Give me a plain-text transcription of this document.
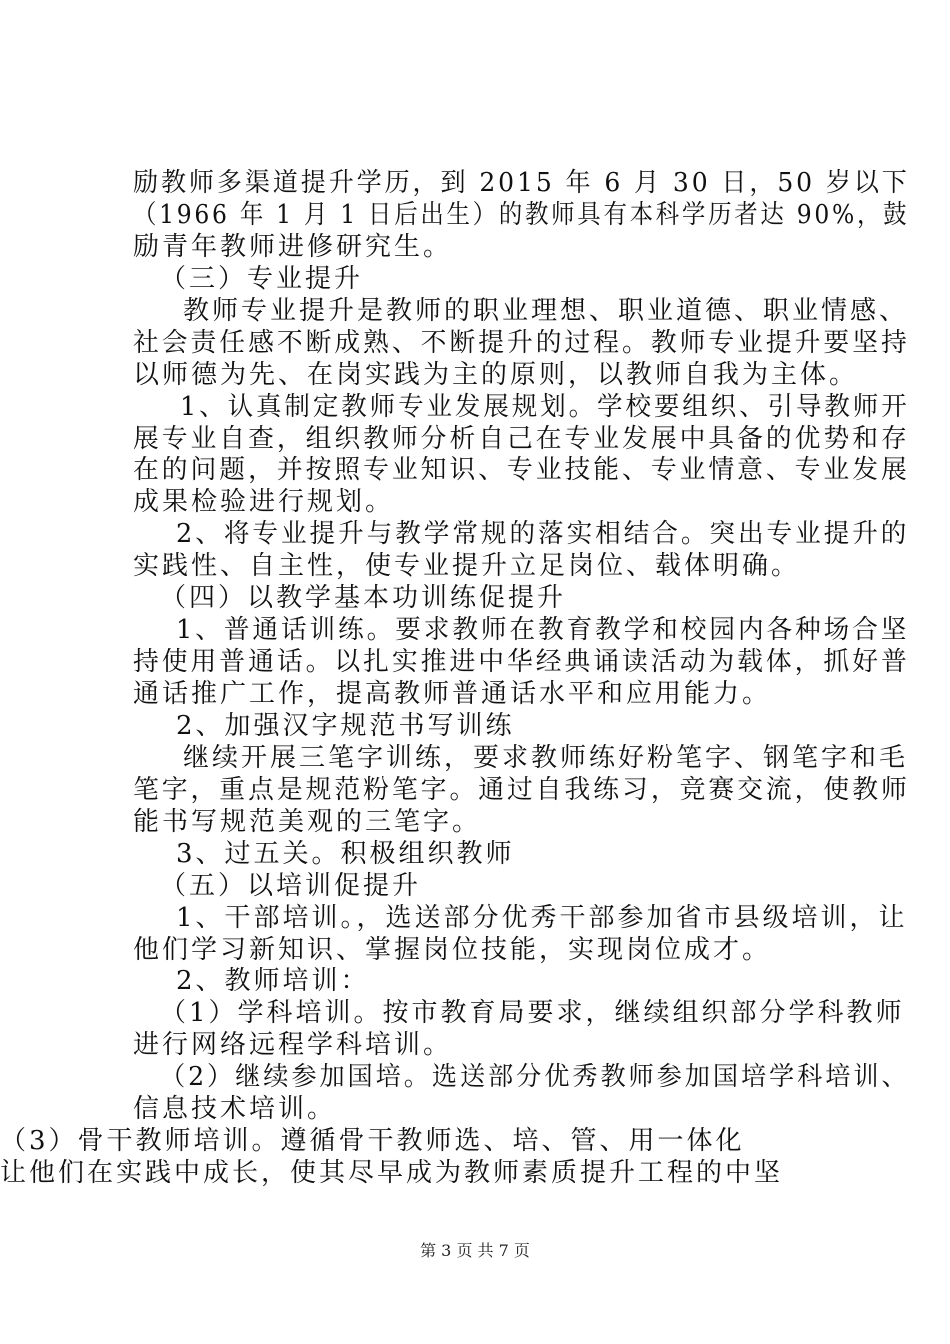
励教师多渠道提升学历，到 2015 年 6 月 30 日，50 岁以下
（1966 年 1 月 1 日后出生）的教师具有本科学历者达 90%，鼓
励青年教师进修研究生。
（三）专业提升
教师专业提升是教师的职业理想、职业道德、职业情感、
社会责任感不断成熟、不断提升的过程。教师专业提升要坚持
以师德为先、在岗实践为主的原则，以教师自我为主体。
1、认真制定教师专业发展规划。学校要组织、引导教师开
展专业自查，组织教师分析自己在专业发展中具备的优势和存
在的问题，并按照专业知识、专业技能、专业情意、专业发展
成果检验进行规划。
2、将专业提升与教学常规的落实相结合。突出专业提升的
实践性、自主性，使专业提升立足岗位、载体明确。
（四）以教学基本功训练促提升
1、普通话训练。要求教师在教育教学和校园内各种场合坚
持使用普通话。以扎实推进中华经典诵读活动为载体，抓好普
通话推广工作，提高教师普通话水平和应用能力。
2、加强汉字规范书写训练
继续开展三笔字训练，要求教师练好粉笔字、钢笔字和毛
笔字，重点是规范粉笔字。通过自我练习，竞赛交流，使教师
能书写规范美观的三笔字。
3、过五关。积极组织教师
（五）以培训促提升
1、干部培训。，选送部分优秀干部参加省市县级培训，让
他们学习新知识、掌握岗位技能，实现岗位成才。
2、教师培训：
（1）学科培训。按市教育局要求，继续组织部分学科教师
进行网络远程学科培训。
（2）继续参加国培。选送部分优秀教师参加国培学科培训、
信息技术培训。
（3）骨干教师培训。遵循骨干教师选、培、管、用一体化
让他们在实践中成长，使其尽早成为教师素质提升工程的中坚
第 3 页 共 7 页
